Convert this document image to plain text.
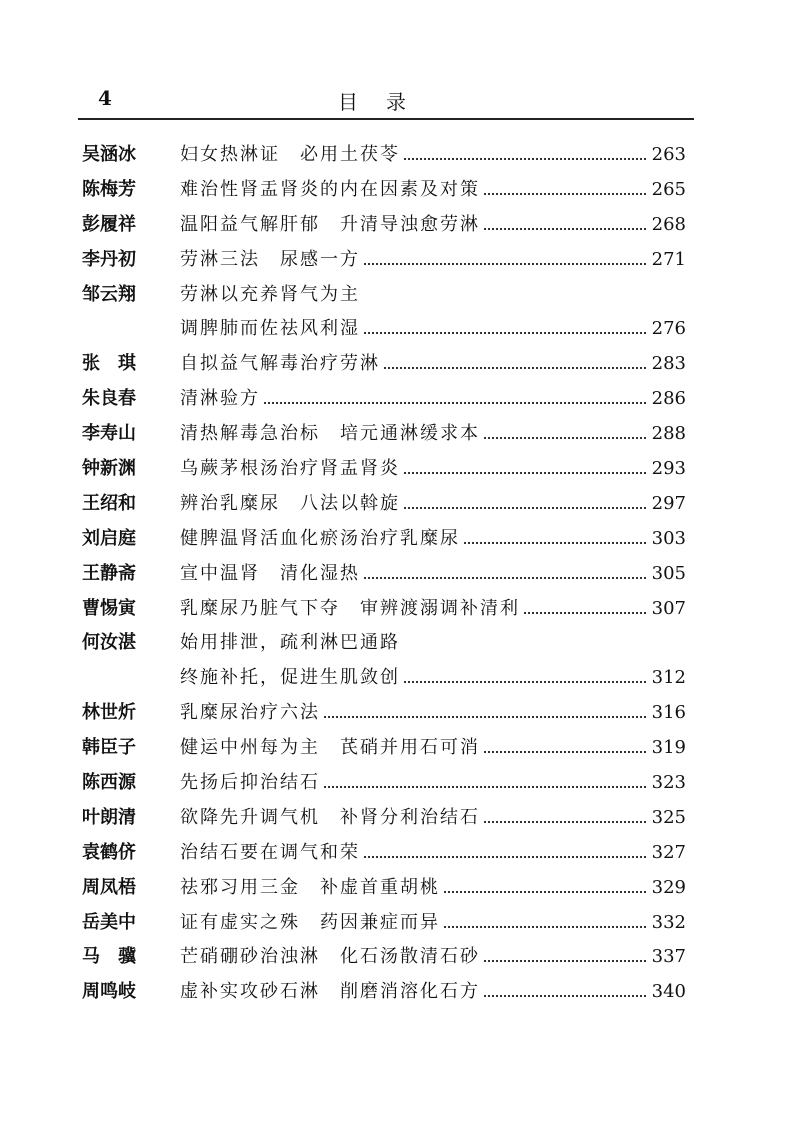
4	目录
吴涵冰	妇女热淋证　必用土茯苓	263
陈梅芳	难治性肾盂肾炎的内在因素及对策	265
彭履祥	温阳益气解肝郁　升清导浊愈劳淋	268
李丹初	劳淋三法　尿感一方	271
邹云翔	劳淋以充养肾气为主
调脾肺而佐祛风利湿	276
张　琪	自拟益气解毒治疗劳淋	283
朱良春	清淋验方	286
李寿山	清热解毒急治标　培元通淋缓求本	288
钟新渊	乌蕨茅根汤治疗肾盂肾炎	293
王绍和	辨治乳糜尿　八法以斡旋	297
刘启庭	健脾温肾活血化瘀汤治疗乳糜尿	303
王静斋	宣中温肾　清化湿热	305
曹惕寅	乳糜尿乃脏气下夺　审辨渡溺调补清利	307
何汝湛	始用排泄，疏利淋巴通路
终施补托，促进生肌敛创	312
林世炘	乳糜尿治疗六法	316
韩臣子	健运中州每为主　芪硝并用石可消	319
陈西源	先扬后抑治结石	323
叶朗清	欲降先升调气机　补肾分利治结石	325
袁鹤侪	治结石要在调气和荣	327
周凤梧	祛邪习用三金　补虚首重胡桃	329
岳美中	证有虚实之殊　药因兼症而异	332
马　骥	芒硝硼砂治浊淋　化石汤散清石砂	337
周鸣岐	虚补实攻砂石淋　削磨消溶化石方	340
